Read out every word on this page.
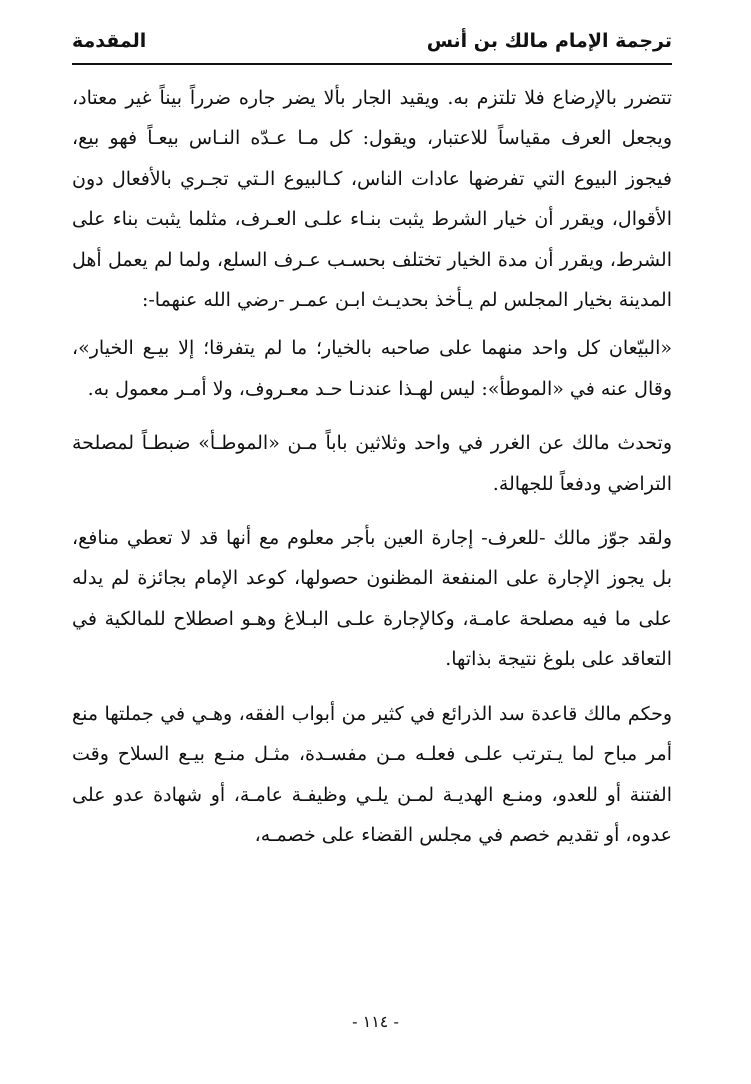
ترجمة الإمام مالك بن أنس
المقدمة

تتضرر بالإرضاع فلا تلتزم به. ويقيد الجار بألا يضر جاره ضرراً بيناً غير معتاد، ويجعل العرف مقياساً للاعتبار، ويقول: كل مـا عـدّه النـاس بيعـاً فهو بيع، فيجوز البيوع التي تفرضها عادات الناس، كـالبيوع الـتي تجـري بالأفعال دون الأقوال، ويقرر أن خيار الشرط يثبت بنـاء علـى العـرف، مثلما يثبت بناء على الشرط، ويقرر أن مدة الخيار تختلف بحسـب عـرف السلع، ولما لم يعمل أهل المدينة بخيار المجلس لم يـأخذ بحديـث ابـن عمـر -رضي الله عنهما-:

«البيّعان كل واحد منهما على صاحبه بالخيار؛ ما لم يتفرقا؛ إلا بيـع الخيار»، وقال عنه في «الموطأ»: ليس لهـذا عندنـا حـد معـروف، ولا أمـر معمول به.

وتحدث مالك عن الغرر في واحد وثلاثين باباً مـن «الموطـأ» ضبطـاً لمصلحة التراضي ودفعاً للجهالة.

ولقد جوّز مالك -للعرف- إجارة العين بأجر معلوم مع أنها قد لا تعطي منافع، بل يجوز الإجارة على المنفعة المظنون حصولها، كوعد الإمام بجائزة لم يدله على ما فيه مصلحة عامـة، وكالإجارة علـى البـلاغ وهـو اصطلاح للمالكية في التعاقد على بلوغ نتيجة بذاتها.

وحكم مالك قاعدة سد الذرائع في كثير من أبواب الفقه، وهـي في جملتها منع أمر مباح لما يـترتب علـى فعلـه مـن مفسـدة، مثـل منـع بيـع السلاح وقت الفتنة أو للعدو، ومنـع الهديـة لمـن يلـي وظيفـة عامـة، أو شهادة عدو على عدوه، أو تقديم خصم في مجلس القضاء على خصمـه،

- ١١٤ -
